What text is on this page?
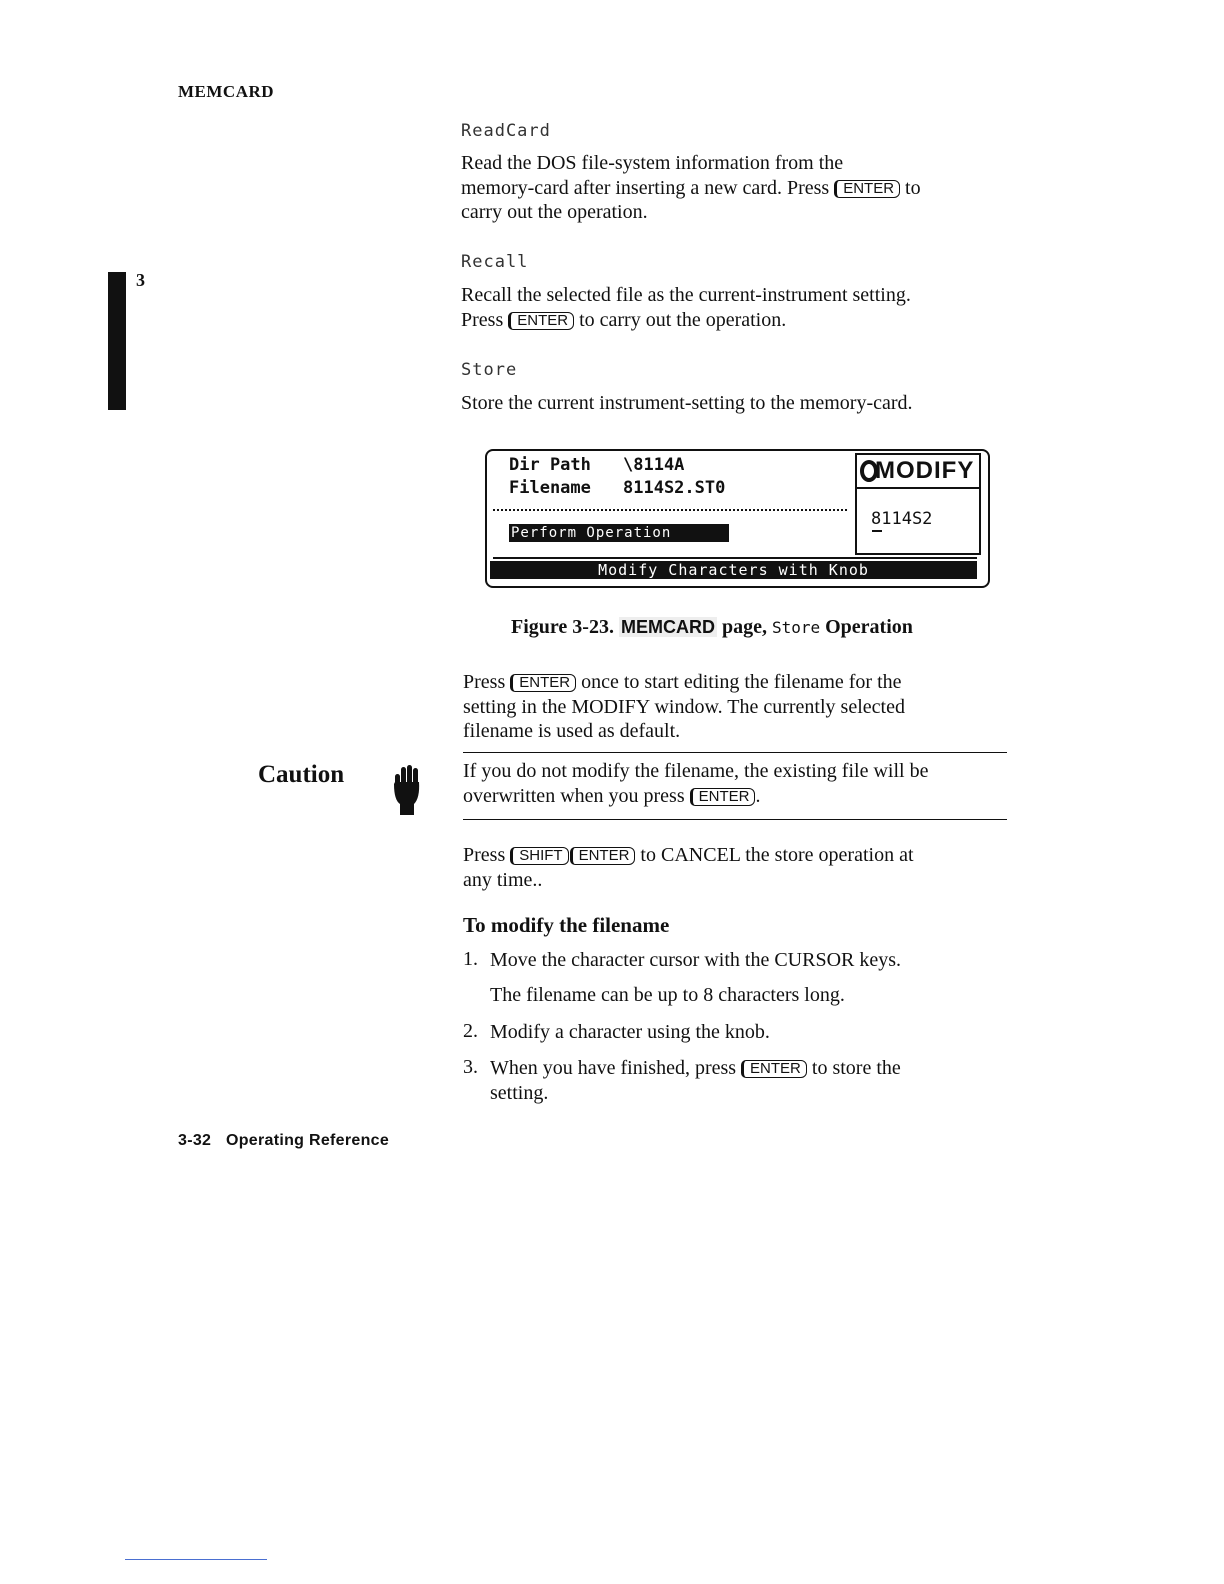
MEMCARD
3
ReadCard
Read the DOS file-system information from the
memory-card after inserting a new card. Press ENTER to
carry out the operation.
Recall
Recall the selected file as the current-instrument setting.
Press ENTER to carry out the operation.
Store
Store the current instrument-setting to the memory-card.
Dir Path \8114A
Filename 8114S2.ST0
Perform Operation
MODIFY
8114S2
Modify Characters with Knob
Figure 3-23. MEMCARD page, Store Operation
Press ENTER once to start editing the filename for the
setting in the MODIFY window. The currently selected
filename is used as default.
Caution	If you do not modify the filename, the existing file will be
overwritten when you press ENTER .
Press SHIFT ENTER to CANCEL the store operation at
any time..
To modify the filename
1. Move the character cursor with the CURSOR keys.
The filename can be up to 8 characters long.
2. Modify a character using the knob.
3. When you have finished, press ENTER to store the
setting.
3-32 Operating Reference
